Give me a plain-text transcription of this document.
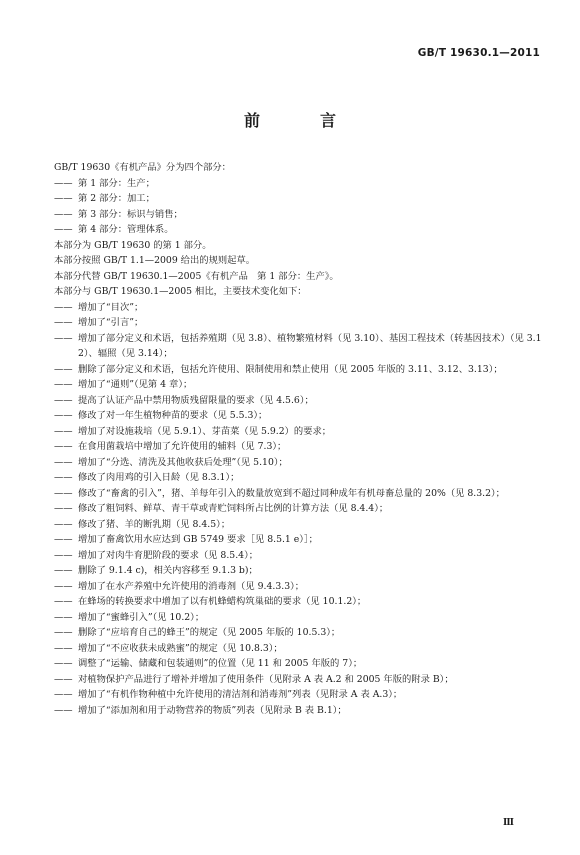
GB/T 19630.1—2011
前　言
GB/T 19630《有机产品》分为四个部分：
—— 第 1 部分：生产；
—— 第 2 部分：加工；
—— 第 3 部分：标识与销售；
—— 第 4 部分：管理体系。
本部分为 GB/T 19630 的第 1 部分。
本部分按照 GB/T 1.1—2009 给出的规则起草。
本部分代替 GB/T 19630.1—2005《有机产品　第 1 部分：生产》。
本部分与 GB/T 19630.1—2005 相比，主要技术变化如下：
—— 增加了“目次”；
—— 增加了“引言”；
—— 增加了部分定义和术语，包括养殖期（见 3.8）、植物繁殖材料（见 3.10）、基因工程技术（转基因技术）（见 3.12）、辐照（见 3.14）；
—— 删除了部分定义和术语，包括允许使用、限制使用和禁止使用（见 2005 年版的 3.11、3.12、3.13）；
—— 增加了“通则”（见第 4 章）；
—— 提高了认证产品中禁用物质残留限量的要求（见 4.5.6）；
—— 修改了对一年生植物种苗的要求（见 5.5.3）；
—— 增加了对设施栽培（见 5.9.1）、芽苗菜（见 5.9.2）的要求；
—— 在食用菌栽培中增加了允许使用的辅料（见 7.3）；
—— 增加了“分选、清洗及其他收获后处理”（见 5.10）；
—— 修改了肉用鸡的引入日龄（见 8.3.1）；
—— 修改了“畜禽的引入”，猪、羊每年引入的数量放宽到不超过同种成年有机母畜总量的 20%（见 8.3.2）；
—— 修改了粗饲料、鲜草、青干草或青贮饲料所占比例的计算方法（见 8.4.4）；
—— 修改了猪、羊的断乳期（见 8.4.5）；
—— 增加了畜禽饮用水应达到 GB 5749 要求［见 8.5.1 e）］；
—— 增加了对肉牛育肥阶段的要求（见 8.5.4）；
—— 删除了 9.1.4 c)，相关内容移至 9.1.3 b)；
—— 增加了在水产养殖中允许使用的消毒剂（见 9.4.3.3）；
—— 在蜂场的转换要求中增加了以有机蜂蜡构筑巢础的要求（见 10.1.2）；
—— 增加了“蜜蜂引入”（见 10.2）；
—— 删除了“应培育自己的蜂王”的规定（见 2005 年版的 10.5.3）；
—— 增加了“不应收获未成熟蜜”的规定（见 10.8.3）；
—— 调整了“运输、储藏和包装通则”的位置（见 11 和 2005 年版的 7）；
—— 对植物保护产品进行了增补并增加了使用条件（见附录 A 表 A.2 和 2005 年版的附录 B）；
—— 增加了“有机作物种植中允许使用的清洁剂和消毒剂”列表（见附录 A 表 A.3）；
—— 增加了“添加剂和用于动物营养的物质”列表（见附录 B 表 B.1）；
Ⅲ
